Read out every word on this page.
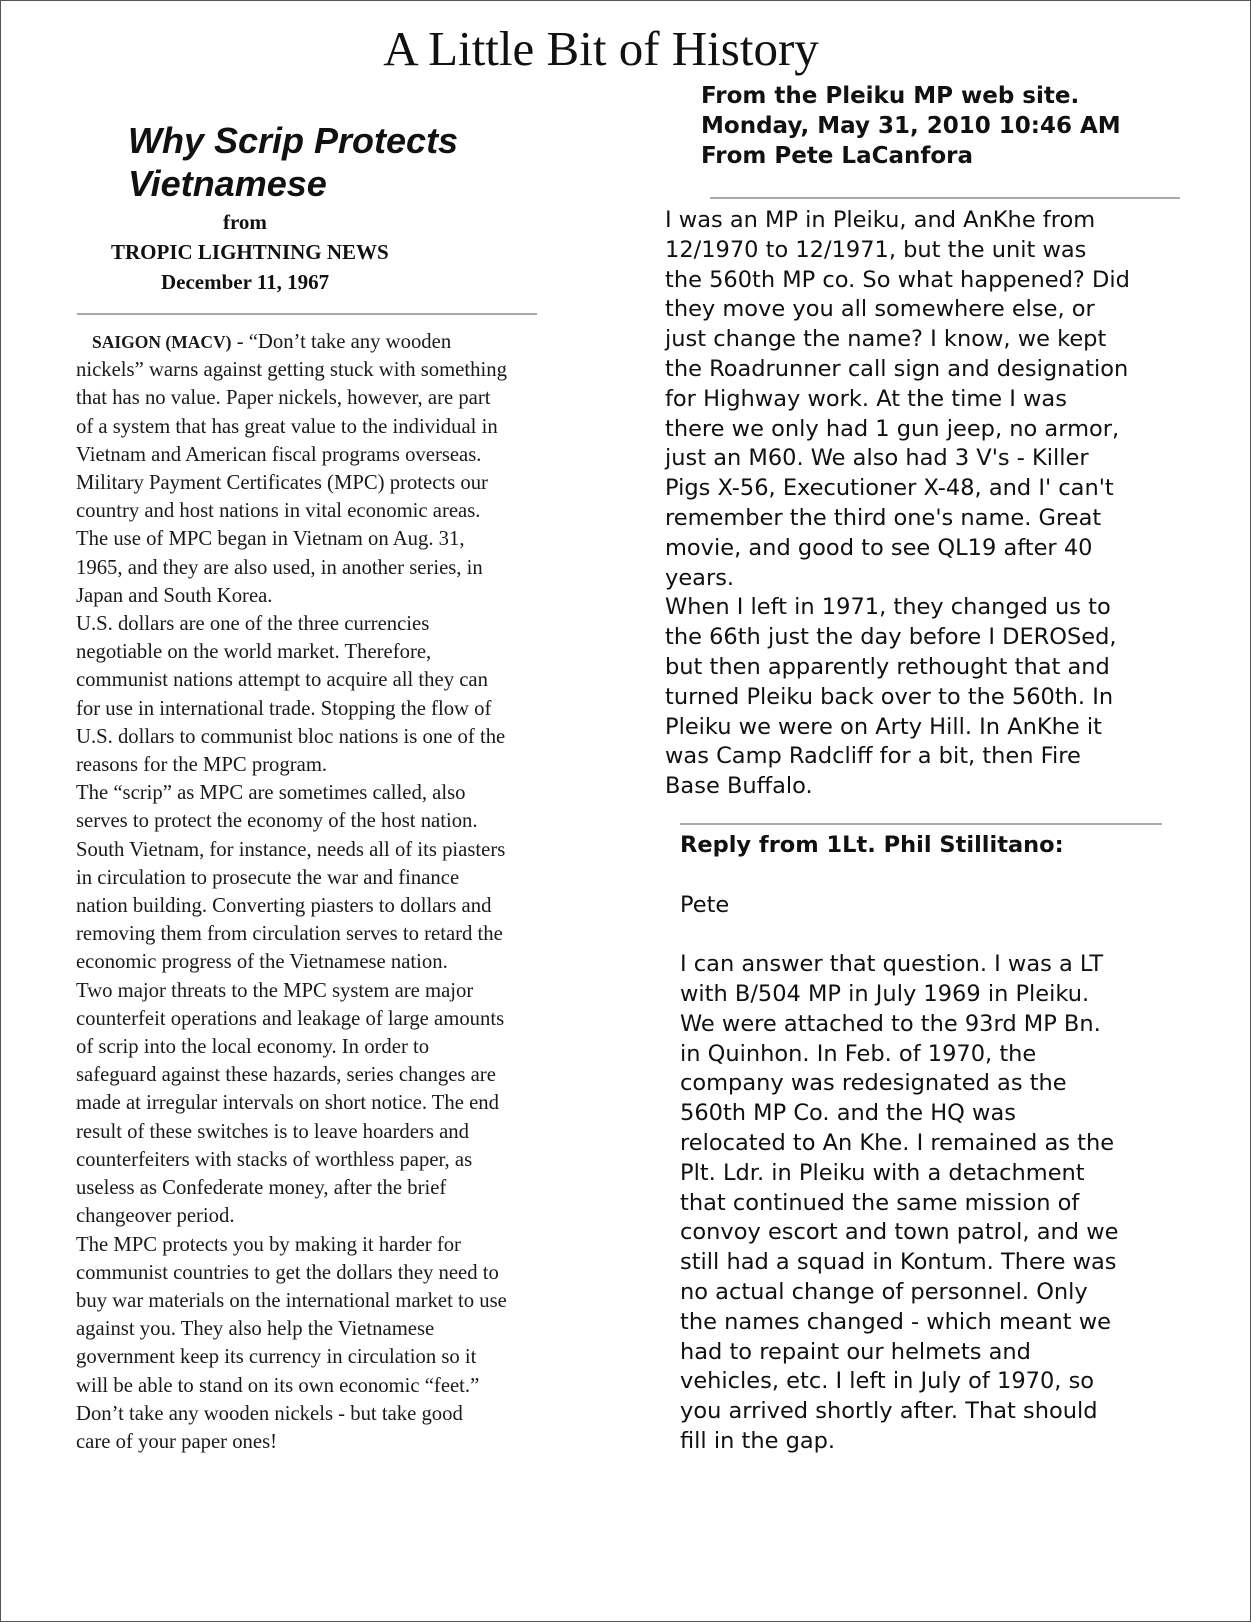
A Little Bit of History
From the Pleiku MP web site.
Monday, May 31, 2010 10:46 AM
From Pete LaCanfora
Why Scrip Protects
Vietnamese
from
TROPIC LIGHTNING NEWS
December 11, 1967
SAIGON (MACV) - “Don’t take any wooden
nickels” warns against getting stuck with something
that has no value. Paper nickels, however, are part
of a system that has great value to the individual in
Vietnam and American fiscal programs overseas.
Military Payment Certificates (MPC) protects our
country and host nations in vital economic areas.
The use of MPC began in Vietnam on Aug. 31,
1965, and they are also used, in another series, in
Japan and South Korea.
U.S. dollars are one of the three currencies
negotiable on the world market. Therefore,
communist nations attempt to acquire all they can
for use in international trade. Stopping the flow of
U.S. dollars to communist bloc nations is one of the
reasons for the MPC program.
The “scrip” as MPC are sometimes called, also
serves to protect the economy of the host nation.
South Vietnam, for instance, needs all of its piasters
in circulation to prosecute the war and finance
nation building. Converting piasters to dollars and
removing them from circulation serves to retard the
economic progress of the Vietnamese nation.
Two major threats to the MPC system are major
counterfeit operations and leakage of large amounts
of scrip into the local economy. In order to
safeguard against these hazards, series changes are
made at irregular intervals on short notice. The end
result of these switches is to leave hoarders and
counterfeiters with stacks of worthless paper, as
useless as Confederate money, after the brief
changeover period.
The MPC protects you by making it harder for
communist countries to get the dollars they need to
buy war materials on the international market to use
against you. They also help the Vietnamese
government keep its currency in circulation so it
will be able to stand on its own economic “feet.”
Don’t take any wooden nickels - but take good
care of your paper ones!
I was an MP in Pleiku, and AnKhe from
12/1970 to 12/1971, but the unit was
the 560th MP co. So what happened? Did
they move you all somewhere else, or
just change the name? I know, we kept
the Roadrunner call sign and designation
for Highway work. At the time I was
there we only had 1 gun jeep, no armor,
just an M60. We also had 3 V's - Killer
Pigs X-56, Executioner X-48, and I' can't
remember the third one's name. Great
movie, and good to see QL19 after 40
years.
When I left in 1971, they changed us to
the 66th just the day before I DEROSed,
but then apparently rethought that and
turned Pleiku back over to the 560th. In
Pleiku we were on Arty Hill. In AnKhe it
was Camp Radcliff for a bit, then Fire
Base Buffalo.
Reply from 1Lt. Phil Stillitano:
Pete
I can answer that question. I was a LT
with B/504 MP in July 1969 in Pleiku.
We were attached to the 93rd MP Bn.
in Quinhon. In Feb. of 1970, the
company was redesignated as the
560th MP Co. and the HQ was
relocated to An Khe. I remained as the
Plt. Ldr. in Pleiku with a detachment
that continued the same mission of
convoy escort and town patrol, and we
still had a squad in Kontum. There was
no actual change of personnel. Only
the names changed - which meant we
had to repaint our helmets and
vehicles, etc. I left in July of 1970, so
you arrived shortly after. That should
fill in the gap.
